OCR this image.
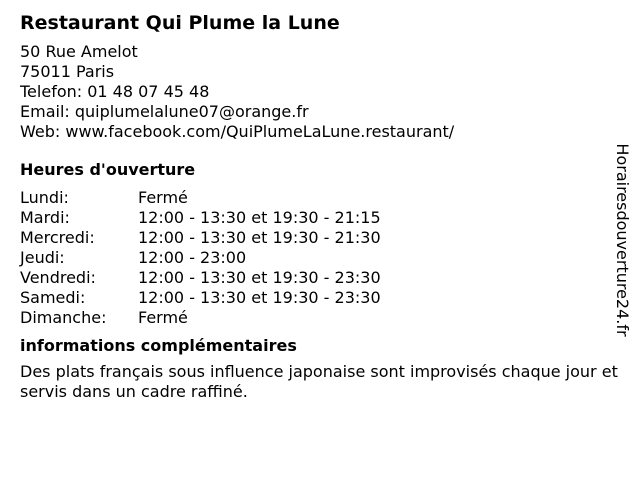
Restaurant Qui Plume la Lune
50 Rue Amelot
75011 Paris
Telefon: 01 48 07 45 48
Email: quiplumelalune07@orange.fr
Web: www.facebook.com/QuiPlumeLaLune.restaurant/
Heures d'ouverture
Lundi:	Fermé
Mardi:	12:00 - 13:30 et 19:30 - 21:15
Mercredi:	12:00 - 13:30 et 19:30 - 21:30
Jeudi:	12:00 - 23:00
Vendredi:	12:00 - 13:30 et 19:30 - 23:30
Samedi:	12:00 - 13:30 et 19:30 - 23:30
Dimanche:	Fermé
informations complémentaires
Des plats français sous influence japonaise sont improvisés chaque jour et servis dans un cadre raffiné.
Horairesdouverture24.fr
